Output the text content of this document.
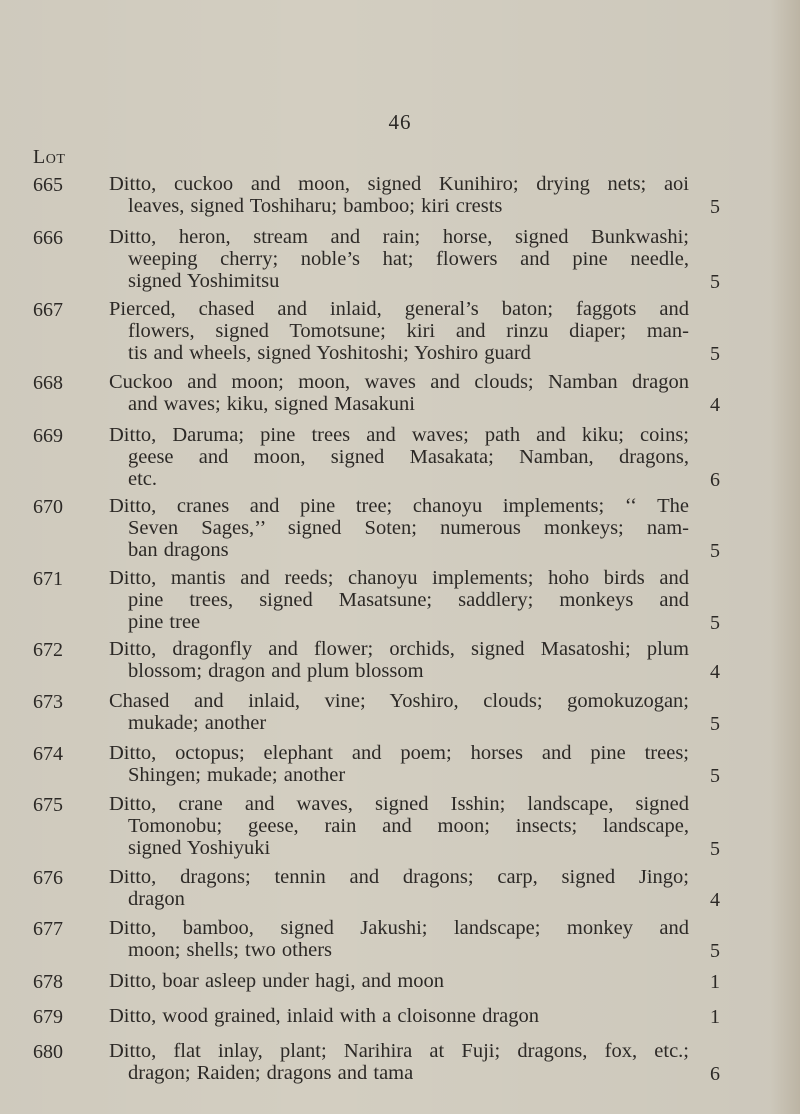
46
Lot
665 Ditto, cuckoo and moon, signed Kunihiro; drying nets; aoi
leaves, signed Toshiharu; bamboo; kiri crests	5
666 Ditto, heron, stream and rain; horse, signed Bunkwashi;
weeping cherry; noble’s hat; flowers and pine needle,
signed Yoshimitsu	5
667 Pierced, chased and inlaid, general’s baton; faggots and
flowers, signed Tomotsune; kiri and rinzu diaper; man-
tis and wheels, signed Yoshitoshi; Yoshiro guard	5
668 Cuckoo and moon; moon, waves and clouds; Namban dragon
and waves; kiku, signed Masakuni	4
669 Ditto, Daruma; pine trees and waves; path and kiku; coins;
geese and moon, signed Masakata; Namban, dragons,
etc.	6
670 Ditto, cranes and pine tree; chanoyu implements; ‘‘ The
Seven Sages,’’ signed Soten; numerous monkeys; nam-
ban dragons	5
671 Ditto, mantis and reeds; chanoyu implements; hoho birds and
pine trees, signed Masatsune; saddlery; monkeys and
pine tree	5
672 Ditto, dragonfly and flower; orchids, signed Masatoshi; plum
blossom; dragon and plum blossom	4
673 Chased and inlaid, vine; Yoshiro, clouds; gomokuzogan;
mukade; another	5
674 Ditto, octopus; elephant and poem; horses and pine trees;
Shingen; mukade; another	5
675 Ditto, crane and waves, signed Isshin; landscape, signed
Tomonobu; geese, rain and moon; insects; landscape,
signed Yoshiyuki	5
676 Ditto, dragons; tennin and dragons; carp, signed Jingo;
dragon	4
677 Ditto, bamboo, signed Jakushi; landscape; monkey and
moon; shells; two others	5
678 Ditto, boar asleep under hagi, and moon	1
679 Ditto, wood grained, inlaid with a cloisonne dragon	1
680 Ditto, flat inlay, plant; Narihira at Fuji; dragons, fox, etc.;
dragon; Raiden; dragons and tama	6
